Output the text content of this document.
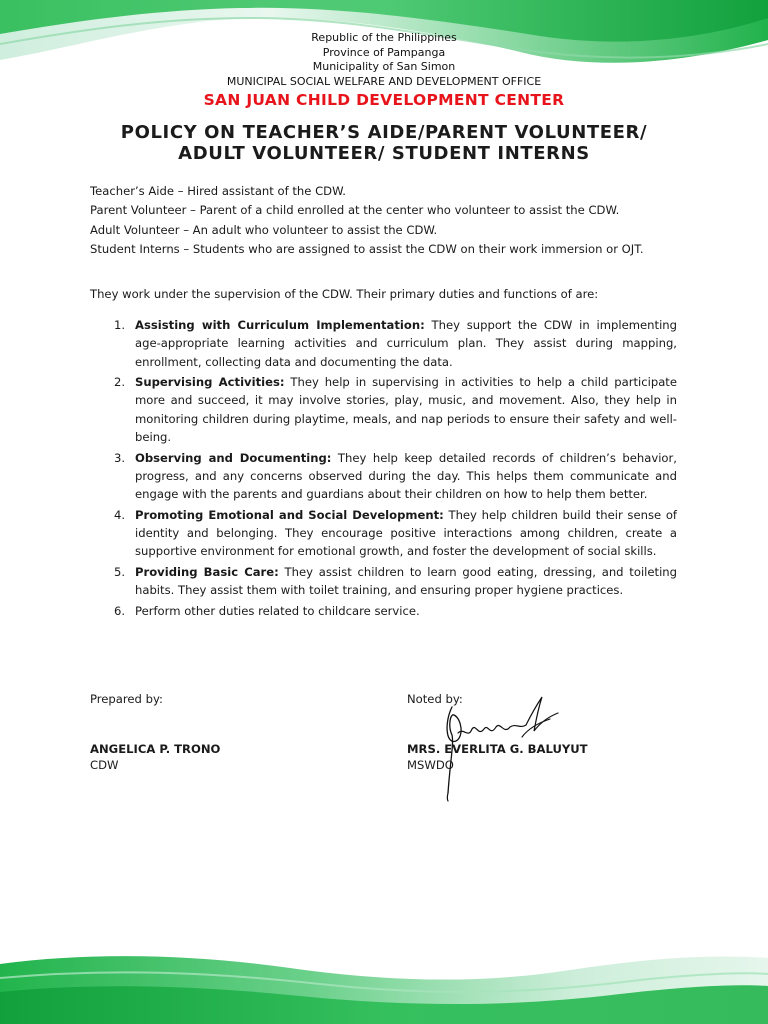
Republic of the Philippines
Province of Pampanga
Municipality of San Simon
MUNICIPAL SOCIAL WELFARE AND DEVELOPMENT OFFICE
SAN JUAN CHILD DEVELOPMENT CENTER
POLICY ON TEACHER’S AIDE/PARENT VOLUNTEER/
ADULT VOLUNTEER/ STUDENT INTERNS
Teacher’s Aide – Hired assistant of the CDW.
Parent Volunteer – Parent of a child enrolled at the center who volunteer to assist the CDW.
Adult Volunteer – An adult who volunteer to assist the CDW.
Student Interns – Students who are assigned to assist the CDW on their work immersion or OJT.
They work under the supervision of the CDW. Their primary duties and functions of are:
1. Assisting with Curriculum Implementation: They support the CDW in implementing age-appropriate learning activities and curriculum plan. They assist during mapping, enrollment, collecting data and documenting the data.
2. Supervising Activities: They help in supervising in activities to help a child participate more and succeed, it may involve stories, play, music, and movement. Also, they help in monitoring children during playtime, meals, and nap periods to ensure their safety and well-being.
3. Observing and Documenting: They help keep detailed records of children’s behavior, progress, and any concerns observed during the day. This helps them communicate and engage with the parents and guardians about their children on how to help them better.
4. Promoting Emotional and Social Development: They help children build their sense of identity and belonging. They encourage positive interactions among children, create a supportive environment for emotional growth, and foster the development of social skills.
5. Providing Basic Care: They assist children to learn good eating, dressing, and toileting habits. They assist them with toilet training, and ensuring proper hygiene practices.
6. Perform other duties related to childcare service.
Prepared by:
ANGELICA P. TRONO
CDW
Noted by:
MRS. EVERLITA G. BALUYUT
MSWDO
